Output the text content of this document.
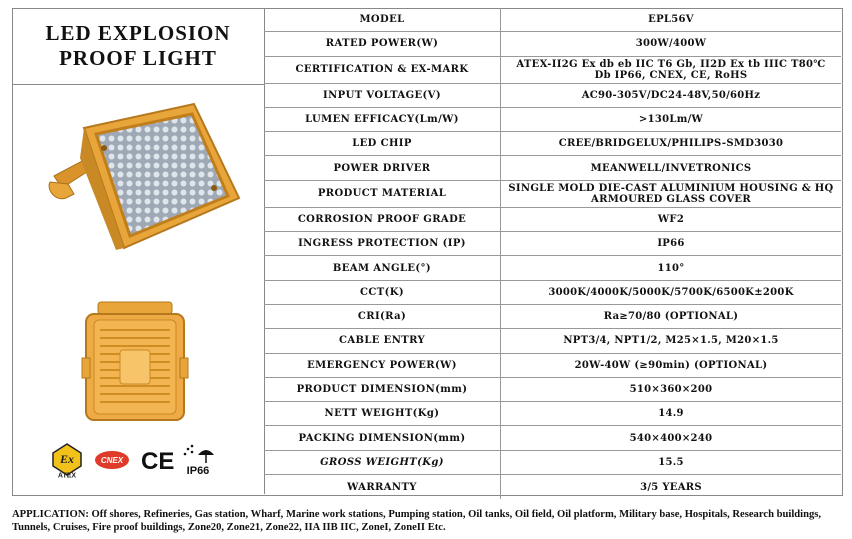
LED EXPLOSION
PROOF LIGHT
Ex
ATEX
CNEX CE IP66
MODEL	EPL56V
RATED POWER(W)	300W/400W
CERTIFICATION & EX-MARK	ATEX-II2G Ex db eb IIC T6 Gb, II2D Ex tb IIIC T80℃ Db IP66, CNEX, CE, RoHS
INPUT VOLTAGE(V)	AC90-305V/DC24-48V,50/60Hz
LUMEN EFFICACY(Lm/W)	>130Lm/W
LED CHIP	CREE/BRIDGELUX/PHILIPS-SMD3030
POWER DRIVER	MEANWELL/INVETRONICS
PRODUCT MATERIAL	SINGLE MOLD DIE-CAST ALUMINIUM HOUSING & HQ ARMOURED GLASS COVER
CORROSION PROOF GRADE	WF2
INGRESS PROTECTION (IP)	IP66
BEAM ANGLE(°)	110°
CCT(K)	3000K/4000K/5000K/5700K/6500K±200K
CRI(Ra)	Ra≥70/80 (OPTIONAL)
CABLE ENTRY	NPT3/4, NPT1/2, M25×1.5, M20×1.5
EMERGENCY POWER(W)	20W-40W (≥90min) (OPTIONAL)
PRODUCT DIMENSION(mm)	510×360×200
NETT WEIGHT(Kg)	14.9
PACKING DIMENSION(mm)	540×400×240
GROSS WEIGHT(Kg)	15.5
WARRANTY	3/5 YEARS
APPLICATION: Off shores, Refineries, Gas station, Wharf, Marine work stations, Pumping station, Oil tanks, Oil field, Oil platform, Military base, Hospitals, Research buildings, Tunnels, Cruises, Fire proof buildings, Zone20, Zone21, Zone22, IIA IIB IIC, ZoneI, ZoneII Etc.
